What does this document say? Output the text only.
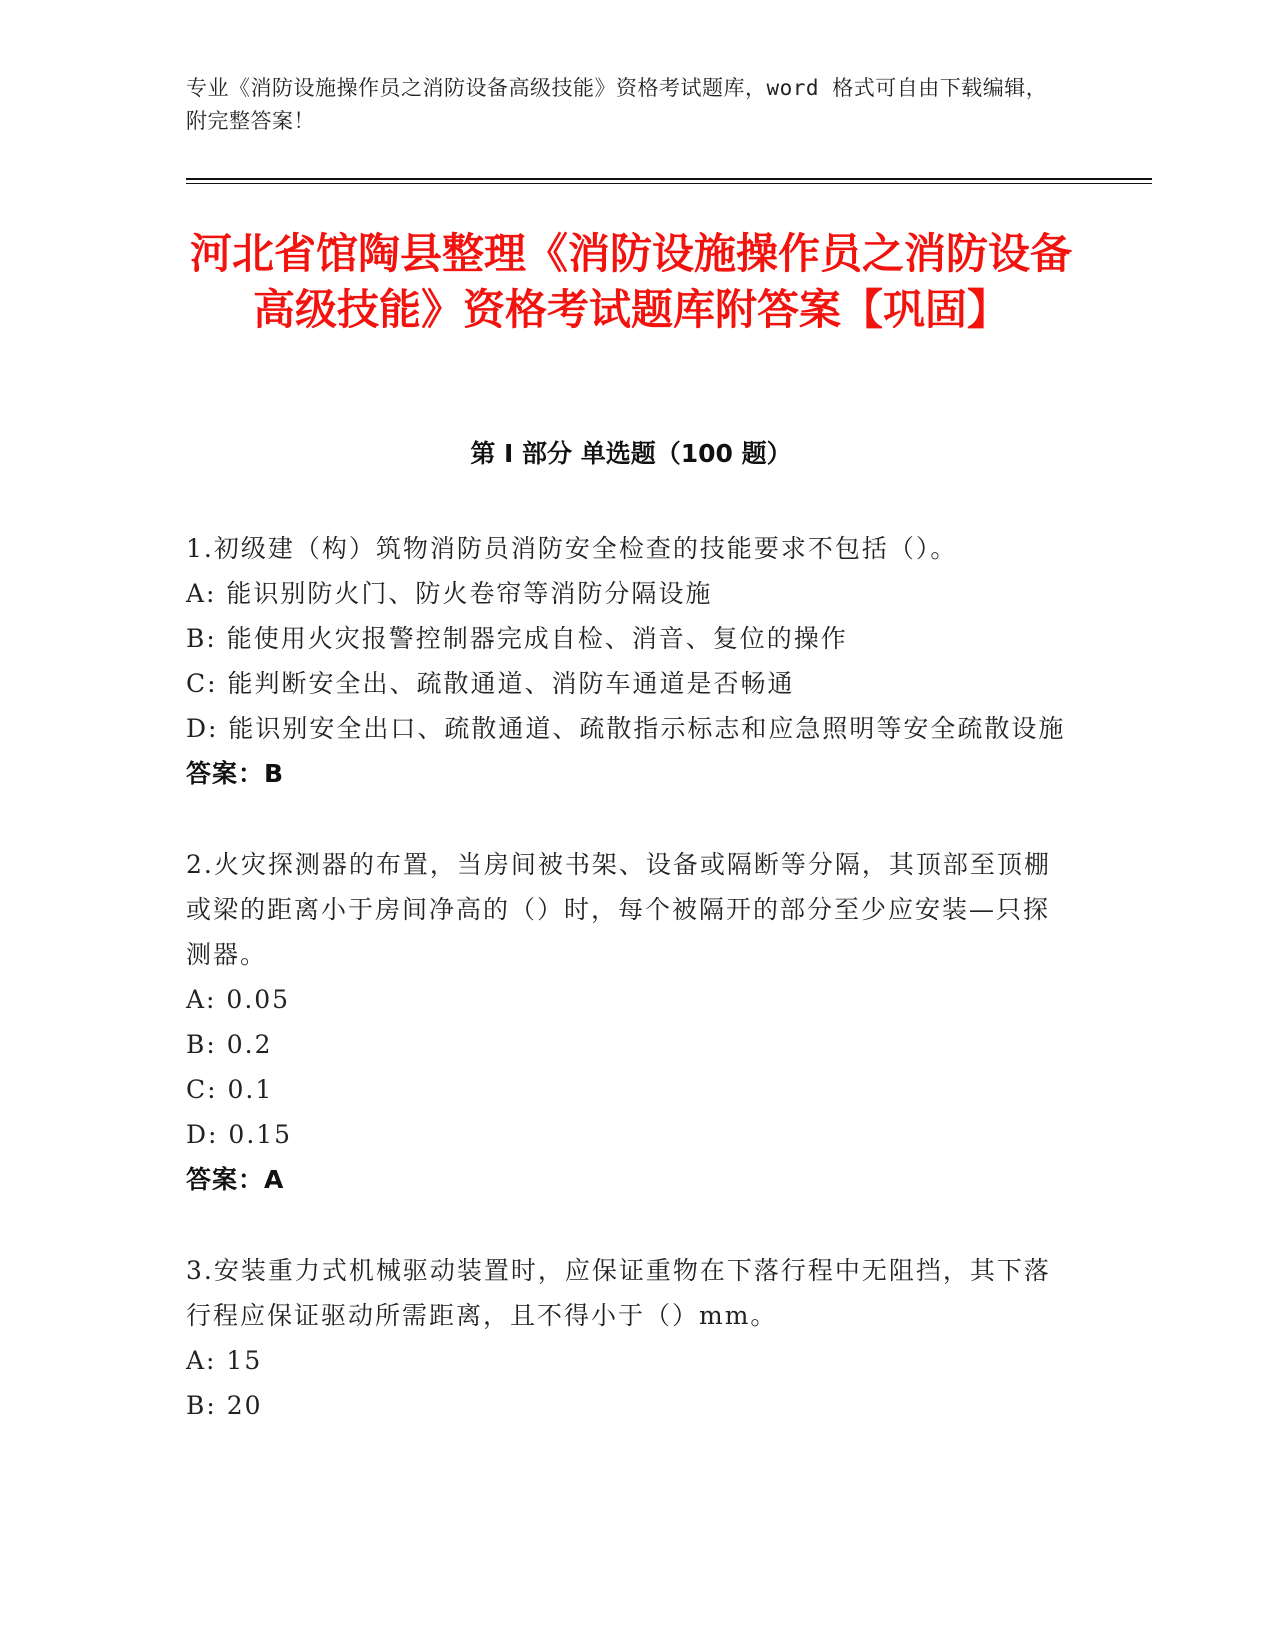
专业《消防设施操作员之消防设备高级技能》资格考试题库，word 格式可自由下载编辑，附完整答案！
河北省馆陶县整理《消防设施操作员之消防设备高级技能》资格考试题库附答案【巩固】
第 I 部分 单选题（100 题）

1.初级建（构）筑物消防员消防安全检查的技能要求不包括（）。

A: 能识别防火门、防火卷帘等消防分隔设施

B: 能使用火灾报警控制器完成自检、消音、复位的操作

C: 能判断安全出、疏散通道、消防车通道是否畅通

D: 能识别安全出口、疏散通道、疏散指示标志和应急照明等安全疏散设施

答案：B

2.火灾探测器的布置，当房间被书架、设备或隔断等分隔，其顶部至顶棚或梁的距离小于房间净高的（）时，每个被隔开的部分至少应安装—只探测器。

A: 0.05

B: 0.2

C: 0.1

D: 0.15

答案：A

3.安装重力式机械驱动装置时，应保证重物在下落行程中无阻挡，其下落行程应保证驱动所需距离，且不得小于（）mm。

A: 15

B: 20
